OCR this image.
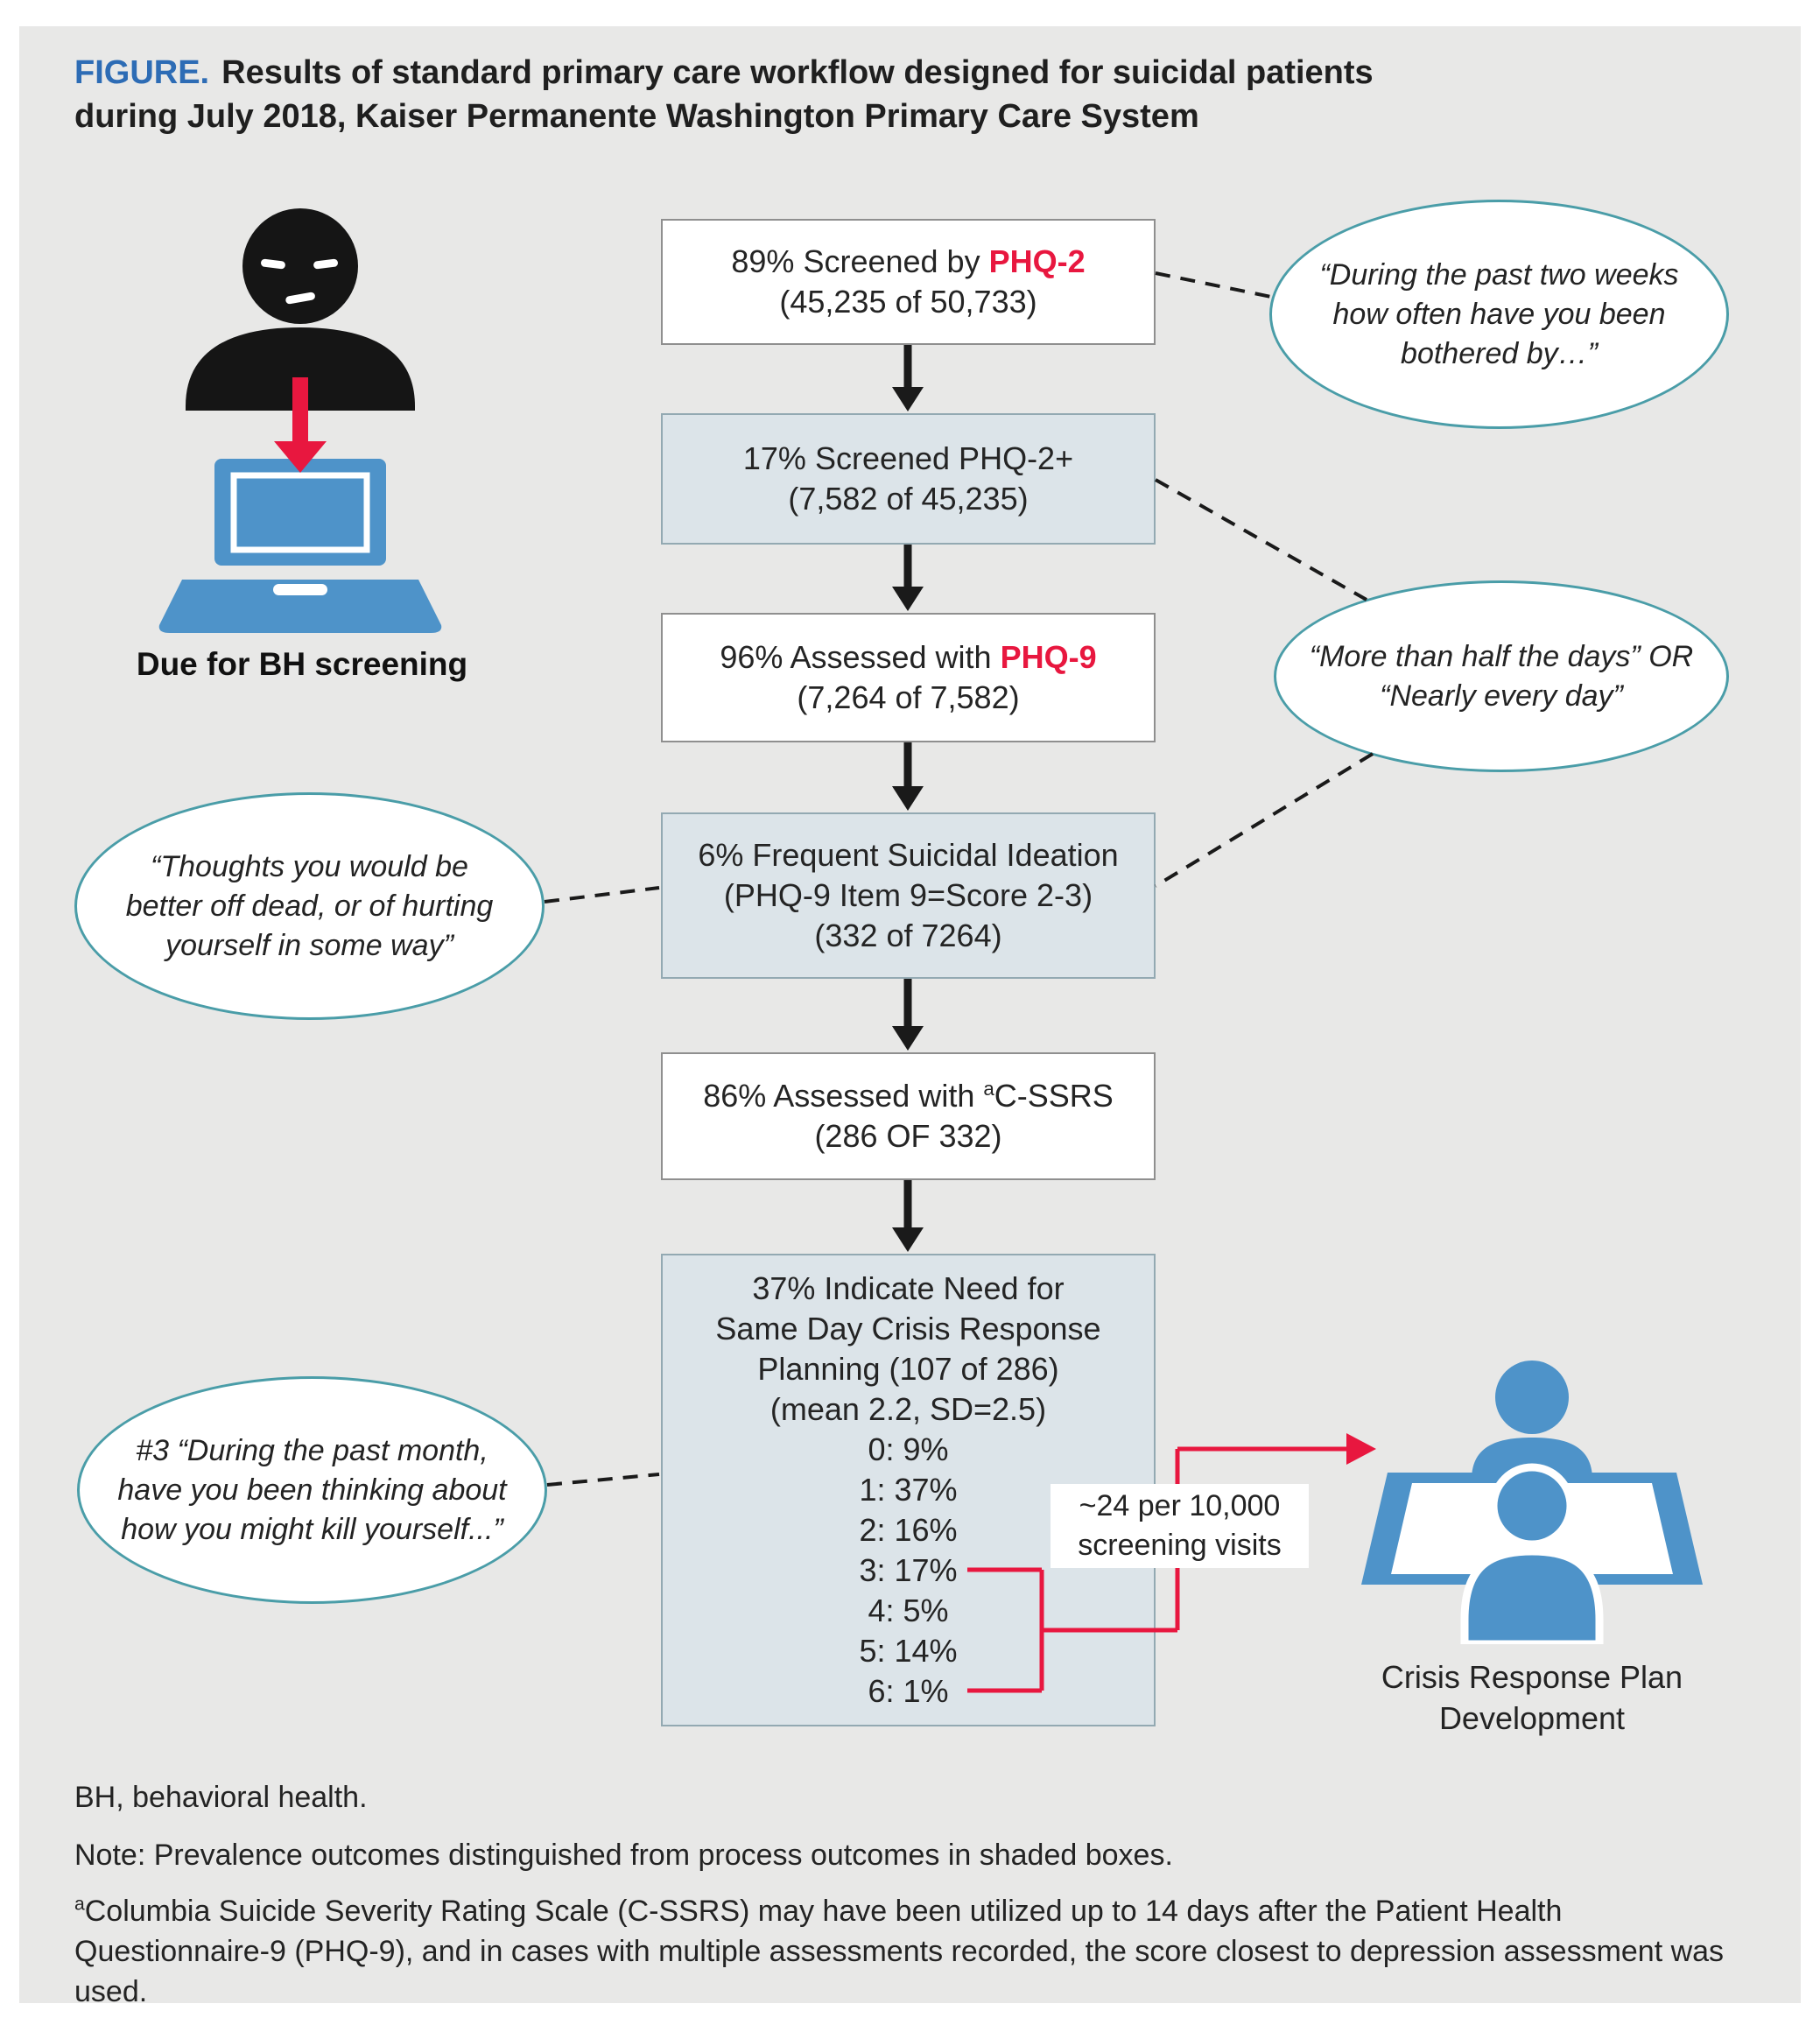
FIGURE. Results of standard primary care workflow designed for suicidal patients
during July 2018, Kaiser Permanente Washington Primary Care System
Due for BH screening
89% Screened by PHQ-2
(45,235 of 50,733)
17% Screened PHQ-2+
(7,582 of 45,235)
96% Assessed with PHQ-9
(7,264 of 7,582)
6% Frequent Suicidal Ideation
(PHQ-9 Item 9=Score 2-3)
(332 of 7264)
86% Assessed with $^a$C-SSRS
(286 OF 332)
37% Indicate Need for
Same Day Crisis Response
Planning (107 of 286)
(mean 2.2, SD=2.5)
0: 9%
1: 37%
2: 16%
3: 17%
4: 5%
5: 14%
6: 1%
“During the past two weeks
how often have you been
bothered by…”
“More than half the days” OR
“Nearly every day”
“Thoughts you would be
better off dead, or of hurting
yourself in some way”
#3 “During the past month,
have you been thinking about
how you might kill yourself...”
~24 per 10,000
screening visits
Crisis Response Plan
Development
BH, behavioral health.
Note: Prevalence outcomes distinguished from process outcomes in shaded boxes.
$^a$Columbia Suicide Severity Rating Scale (C-SSRS) may have been utilized up to 14 days after the Patient Health Questionnaire-9 (PHQ-9), and in cases with multiple assessments recorded, the score closest to depression assessment was used.
